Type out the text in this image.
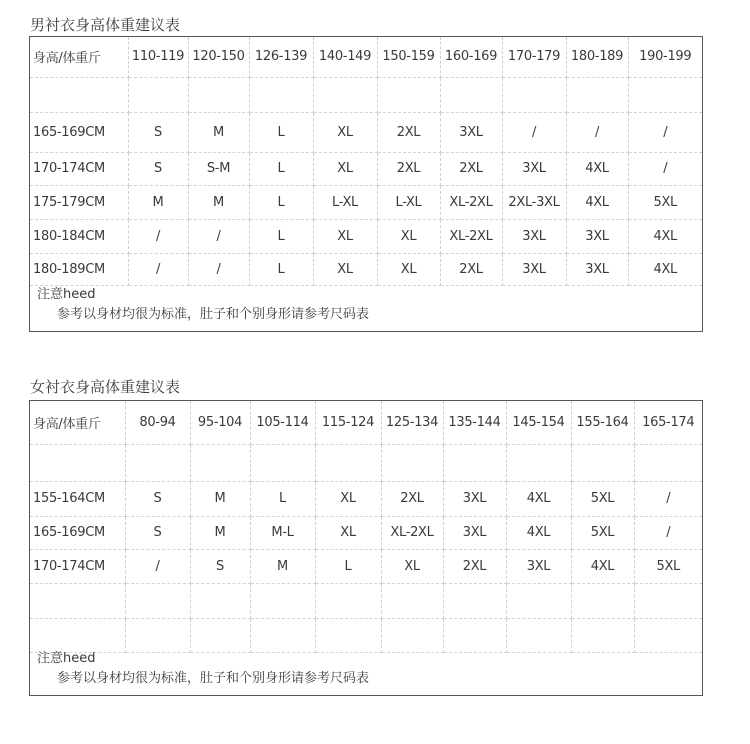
男衬衣身高体重建议表
身高/体重斤	110-119	120-150	126-139	140-149	150-159	160-169	170-179	180-189	190-199

165-169CM	S	M	L	XL	2XL	3XL	/	/	/
170-174CM	S	S-M	L	XL	2XL	2XL	3XL	4XL	/
175-179CM	M	M	L	L-XL	L-XL	XL-2XL	2XL-3XL	4XL	5XL
180-184CM	/	/	L	XL	XL	XL-2XL	3XL	3XL	4XL
180-189CM	/	/	L	XL	XL	2XL	3XL	3XL	4XL
注意heed
参考以身材均很为标准，肚子和个别身形请参考尺码表
女衬衣身高体重建议表
身高/体重斤	80-94	95-104	105-114	115-124	125-134	135-144	145-154	155-164	165-174

155-164CM	S	M	L	XL	2XL	3XL	4XL	5XL	/
165-169CM	S	M	M-L	XL	XL-2XL	3XL	4XL	5XL	/
170-174CM	/	S	M	L	XL	2XL	3XL	4XL	5XL

注意heed
参考以身材均很为标准，肚子和个别身形请参考尺码表
